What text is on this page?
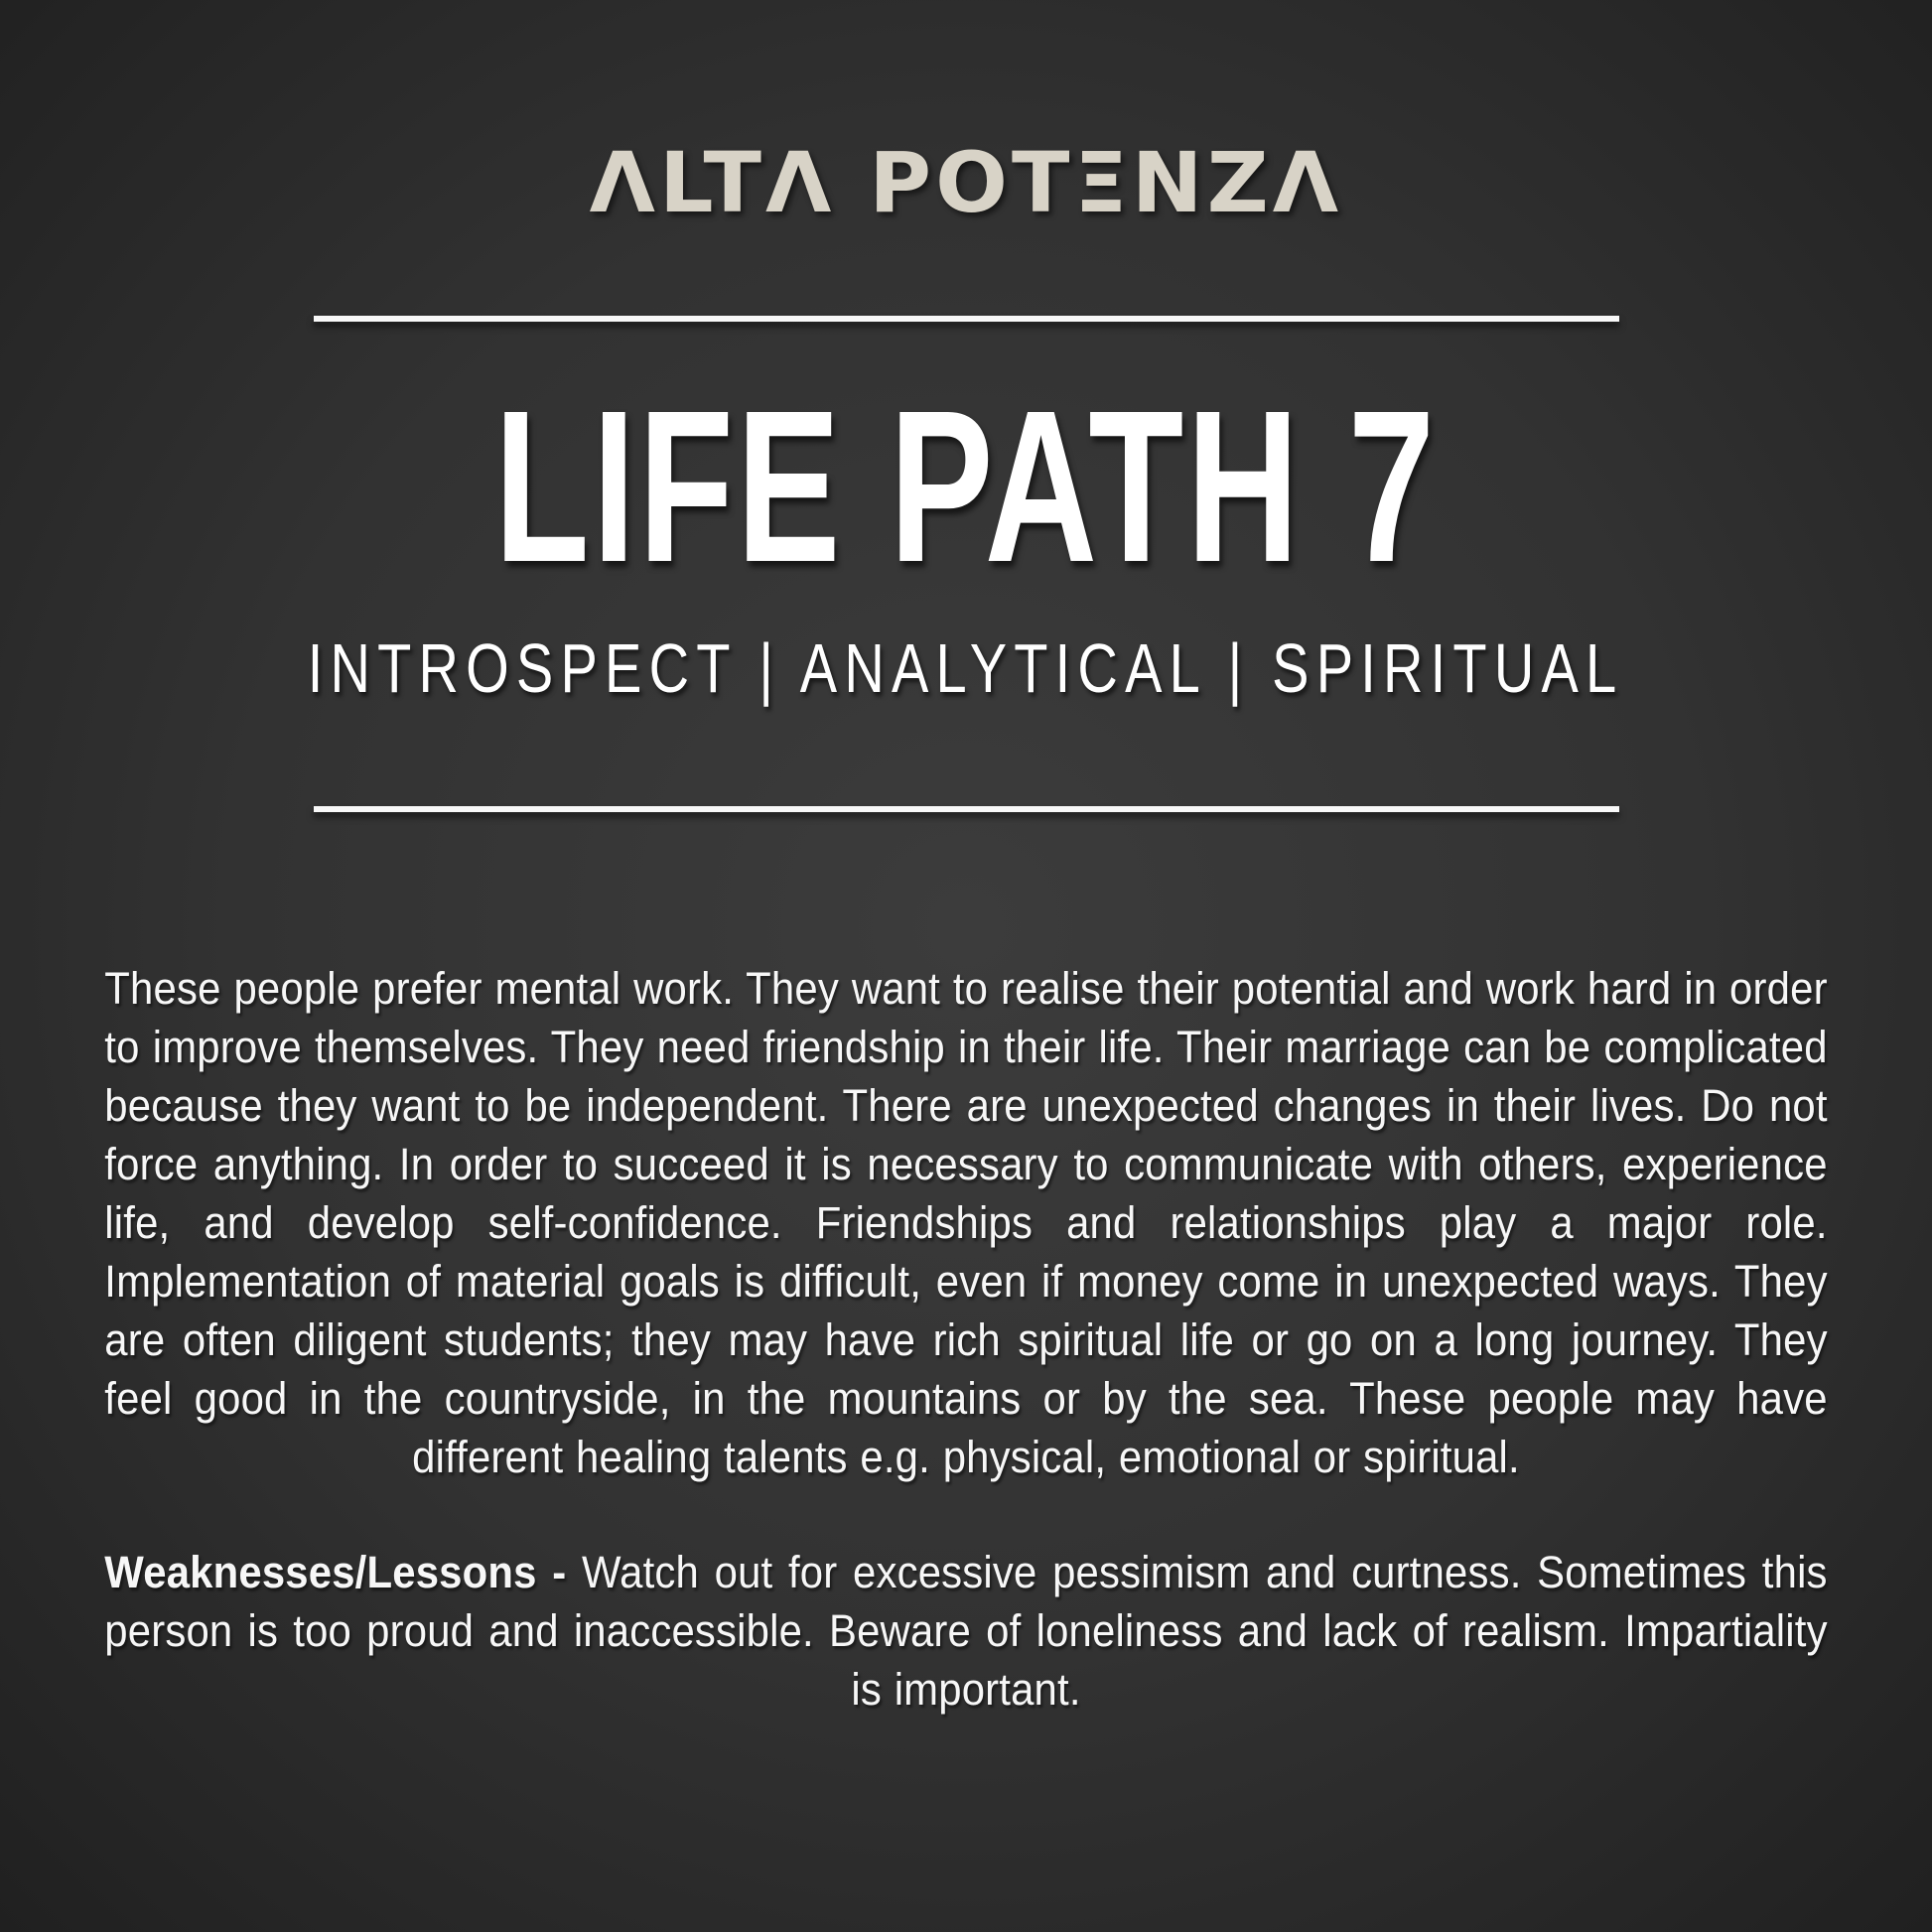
ΛLTΛ POTΞNZΛ
LIFE PATH 7
INTROSPECT | ANALYTICAL | SPIRITUAL

These people prefer mental work. They want to realise their potential and work hard in order to improve themselves. They need friendship in their life. Their marriage can be complicated because they want to be independent. There are unexpected changes in their lives. Do not force anything. In order to succeed it is necessary to communicate with others, experience life, and develop self-confidence. Friendships and relationships play a major role. Implementation of material goals is difficult, even if money come in unexpected ways. They are often diligent students; they may have rich spiritual life or go on a long journey. They feel good in the countryside, in the mountains or by the sea. These people may have different healing talents e.g. physical, emotional or spiritual.

Weaknesses/Lessons - Watch out for excessive pessimism and curtness. Sometimes this person is too proud and inaccessible. Beware of loneliness and lack of realism. Impartiality is important.
